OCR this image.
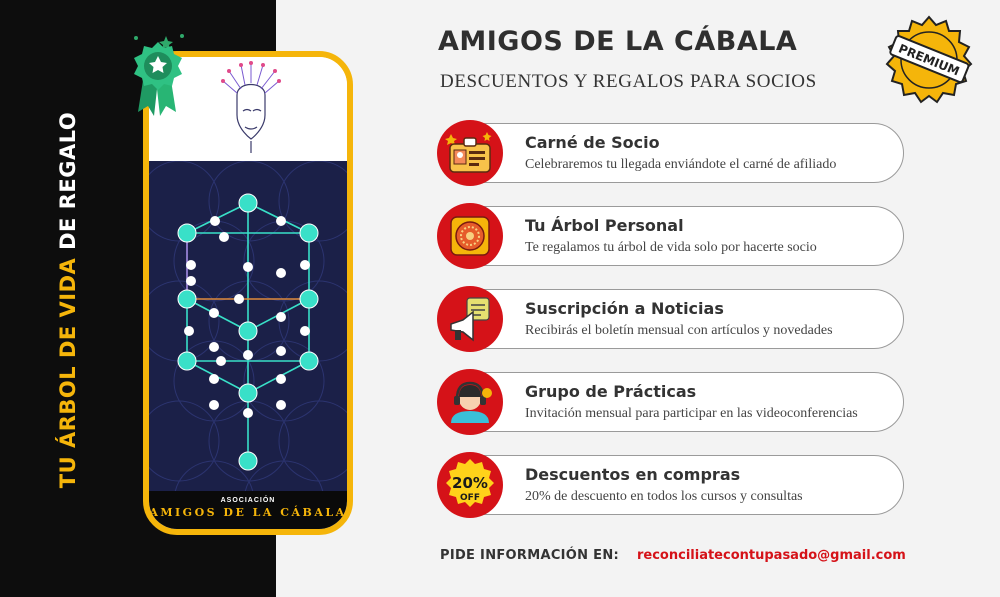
TU ÁRBOL DE VIDA DE REGALO
ASOCIACIÓN
AMIGOS DE LA CÁBALA
AMIGOS DE LA CÁBALA
DESCUENTOS Y REGALOS PARA SOCIOS
PREMIUM
Carné de Socio
Celebraremos tu llegada enviándote el carné de afiliado
Tu Árbol Personal
Te regalamos tu árbol de vida solo por hacerte socio
Suscripción a Noticias
Recibirás el boletín mensual con artículos y novedades
Grupo de Prácticas
Invitación mensual para participar en las videoconferencias
20%
OFF
Descuentos en compras
20% de descuento en todos los cursos y consultas
PIDE INFORMACIÓN EN: reconciliatecontupasado@gmail.com
